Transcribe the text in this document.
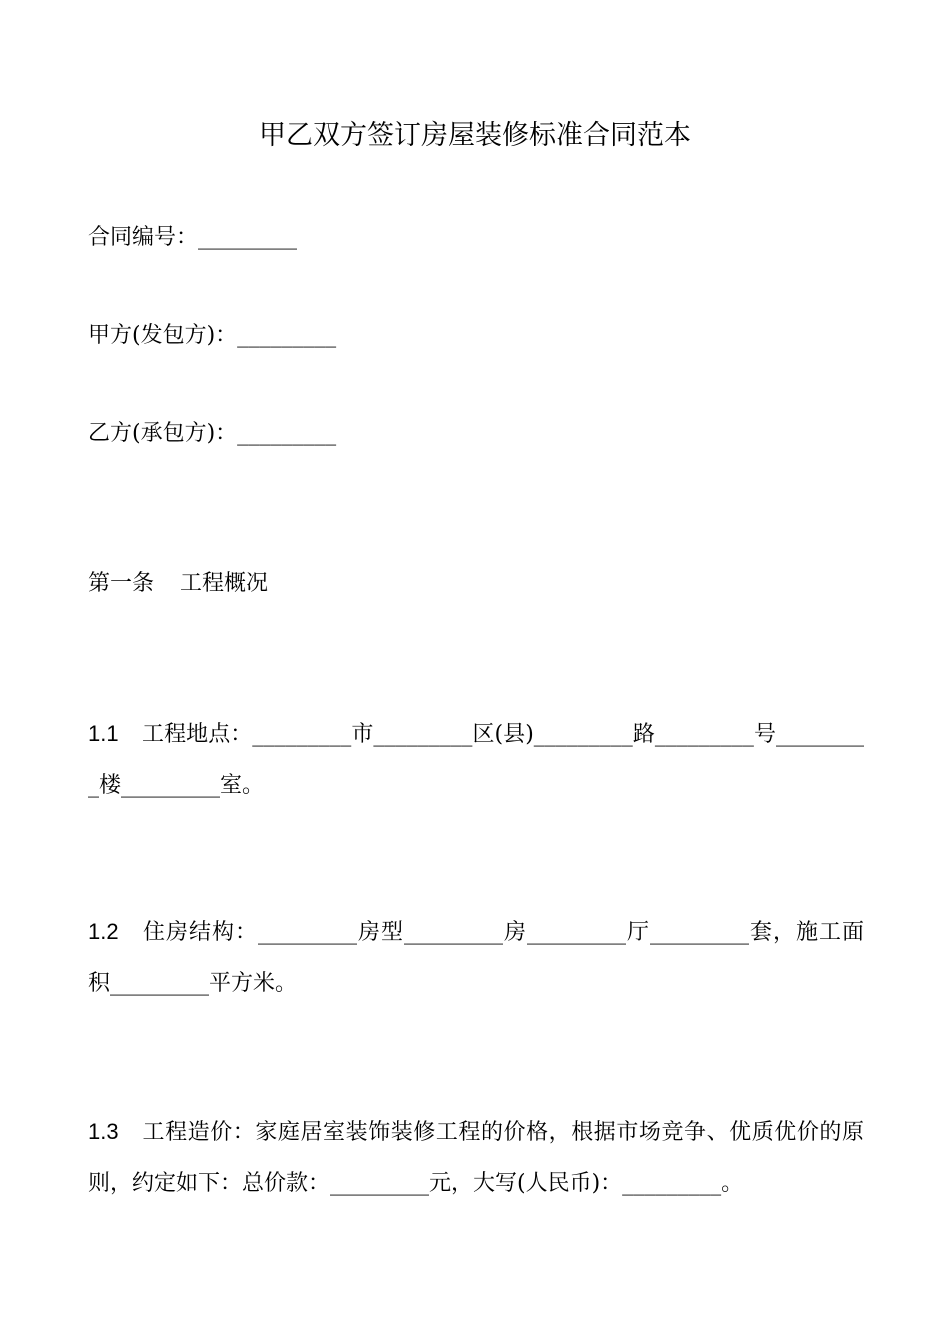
甲乙双方签订房屋装修标准合同范本
合同编号：_________
甲方(发包方)：_________
乙方(承包方)：_________
第一条 工程概况
1.1 工程地点：_________市_________区(县)_________路_________号_________楼_________室。
1.2 住房结构：_________房型_________房_________厅_________套，施工面积_________平方米。
1.3 工程造价：家庭居室装饰装修工程的价格，根据市场竞争、优质优价的原则，约定如下：总价款：_________元，大写(人民币)：_________。
